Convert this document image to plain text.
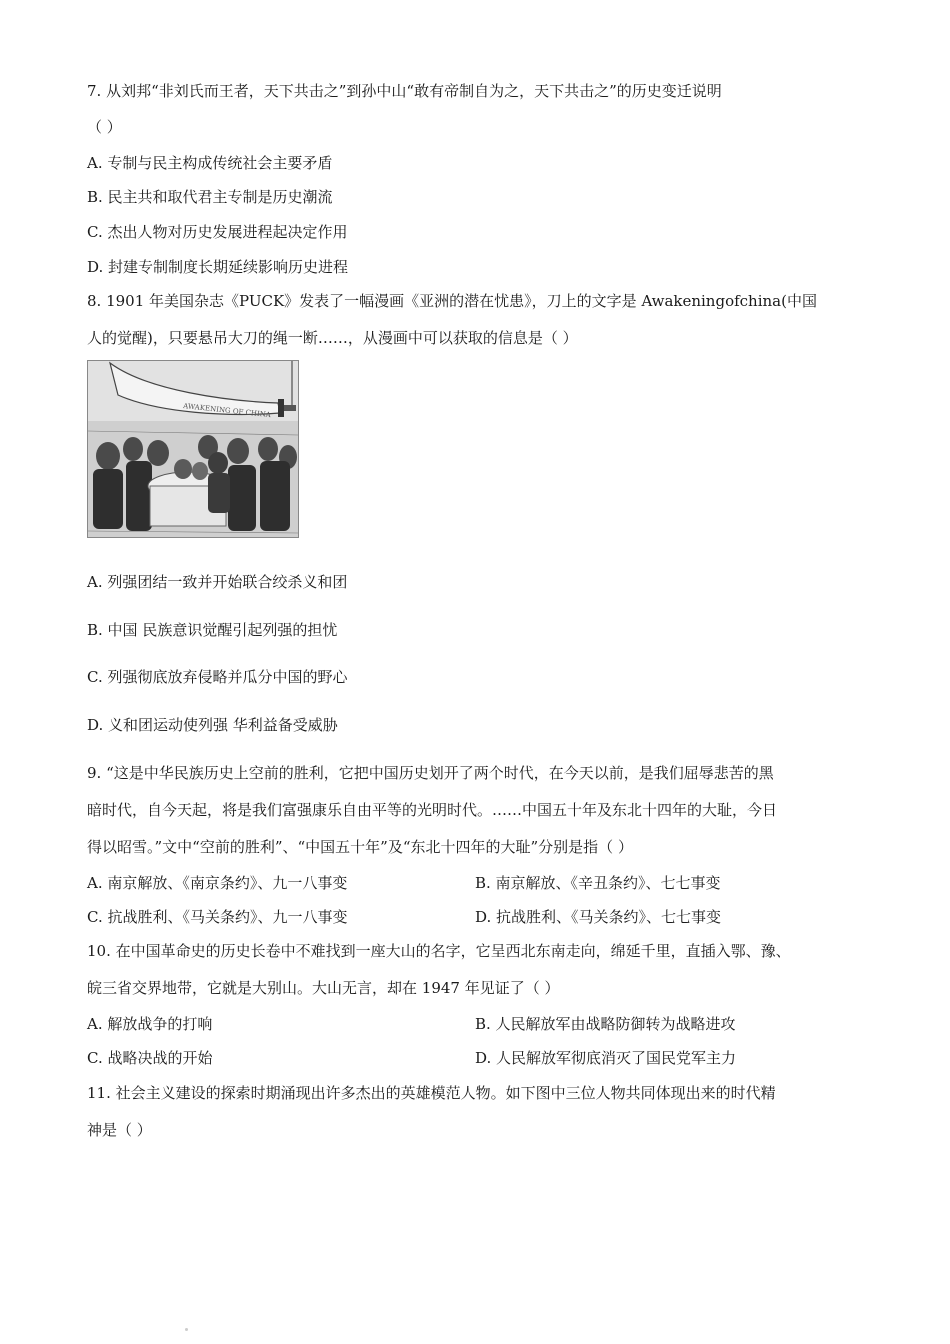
7. 从刘邦“非刘氏而王者，天下共击之”到孙中山“敢有帝制自为之，天下共击之”的历史变迁说明
（ ）
A. 专制与民主构成传统社会主要矛盾
B. 民主共和取代君主专制是历史潮流
C. 杰出人物对历史发展进程起决定作用
D. 封建专制制度长期延续影响历史进程
8. 1901 年美国杂志《PUCK》发表了一幅漫画《亚洲的潜在忧患》，刀上的文字是 Awakeningofchina(中国
人的觉醒)，只要悬吊大刀的绳一断……，从漫画中可以获取的信息是（ ）
AWAKENING OF CHINA
A. 列强团结一致并开始联合绞杀义和团
B. 中国 民族意识觉醒引起列强的担忧
C. 列强彻底放弃侵略并瓜分中国的野心
D. 义和团运动使列强 华利益备受威胁
9. “这是中华民族历史上空前的胜利，它把中国历史划开了两个时代，在今天以前，是我们屈辱悲苦的黑
暗时代，自今天起，将是我们富强康乐自由平等的光明时代。……中国五十年及东北十四年的大耻，今日
得以昭雪。”文中“空前的胜利”、“中国五十年”及“东北十四年的大耻”分别是指（ ）
A. 南京解放、《南京条约》、九一八事变	B. 南京解放、《辛丑条约》、七七事变
C. 抗战胜利、《马关条约》、九一八事变	D. 抗战胜利、《马关条约》、七七事变
10. 在中国革命史的历史长卷中不难找到一座大山的名字，它呈西北东南走向，绵延千里，直插入鄂、豫、
皖三省交界地带，它就是大别山。大山无言，却在 1947 年见证了（ ）
A. 解放战争的打响	B. 人民解放军由战略防御转为战略进攻
C. 战略决战的开始	D. 人民解放军彻底消灭了国民党军主力
11. 社会主义建设的探索时期涌现出许多杰出的英雄模范人物。如下图中三位人物共同体现出来的时代精
神是（ ）
